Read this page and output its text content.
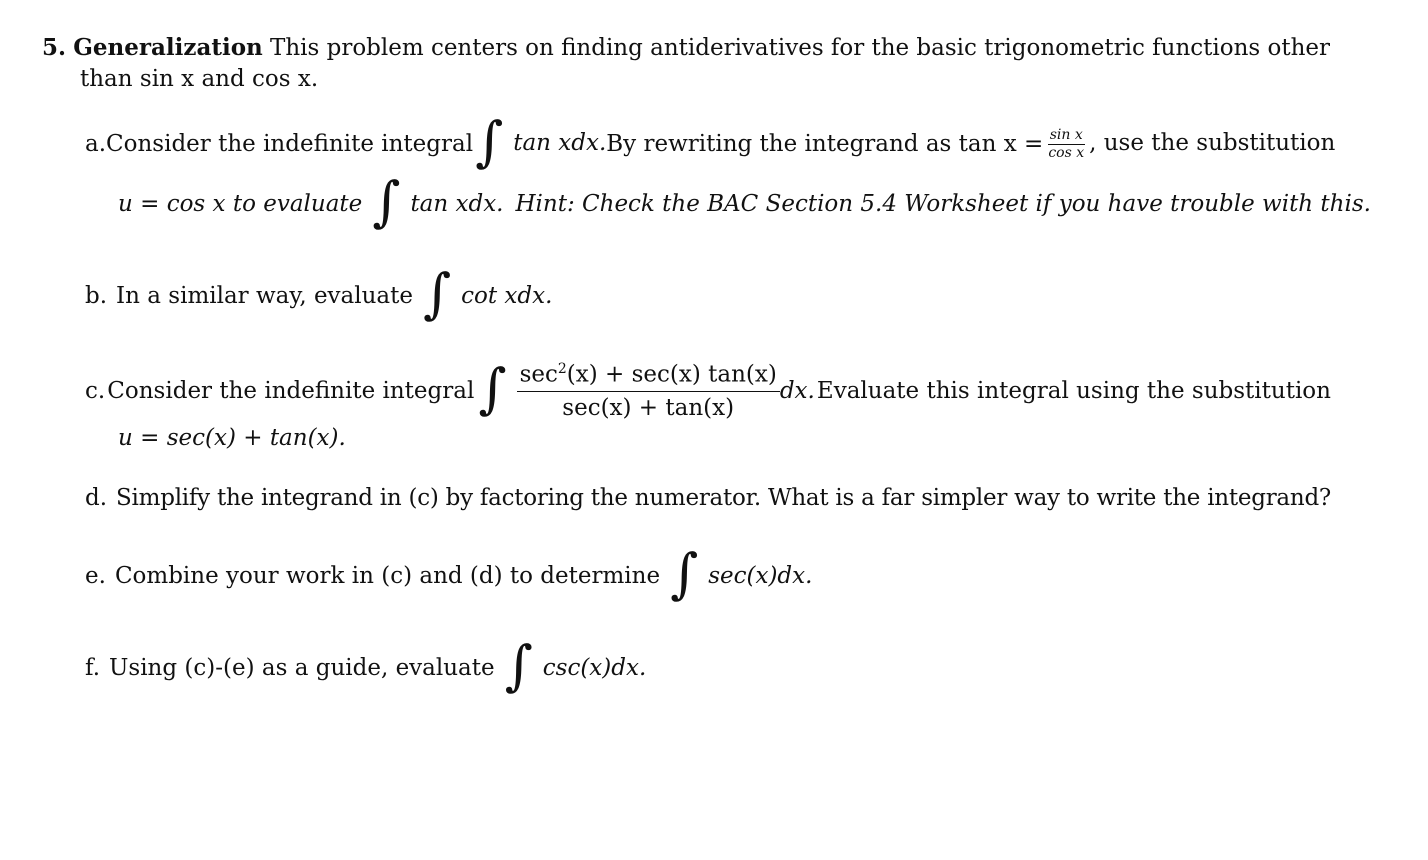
5. Generalization This problem centers on finding antiderivatives for the basic trigonometric functions other
than sin x and cos x.
a. Consider the indefinite integral ∫ tan xdx. By rewriting the integrand as $\tan x = \frac{\text{sin x}}{\text{cos x}}$ , use the substitution
u = cos x to evaluate ∫ tan xdx. Hint: Check the BAC Section 5.4 Worksheet if you have trouble with this.
b. In a similar way, evaluate ∫ cot xdx.
c. Consider the indefinite integral ∫ $\frac{\sec^2(x) + \sec(x) \tan(x)}{\sec(x) + \tan(x)}$ dx. Evaluate this integral using the substitution
u = sec(x) + tan(x).
d. Simplify the integrand in (c) by factoring the numerator. What is a far simpler way to write the integrand?
e. Combine your work in (c) and (d) to determine ∫ sec(x)dx.
f. Using (c)-(e) as a guide, evaluate ∫ csc(x)dx.
